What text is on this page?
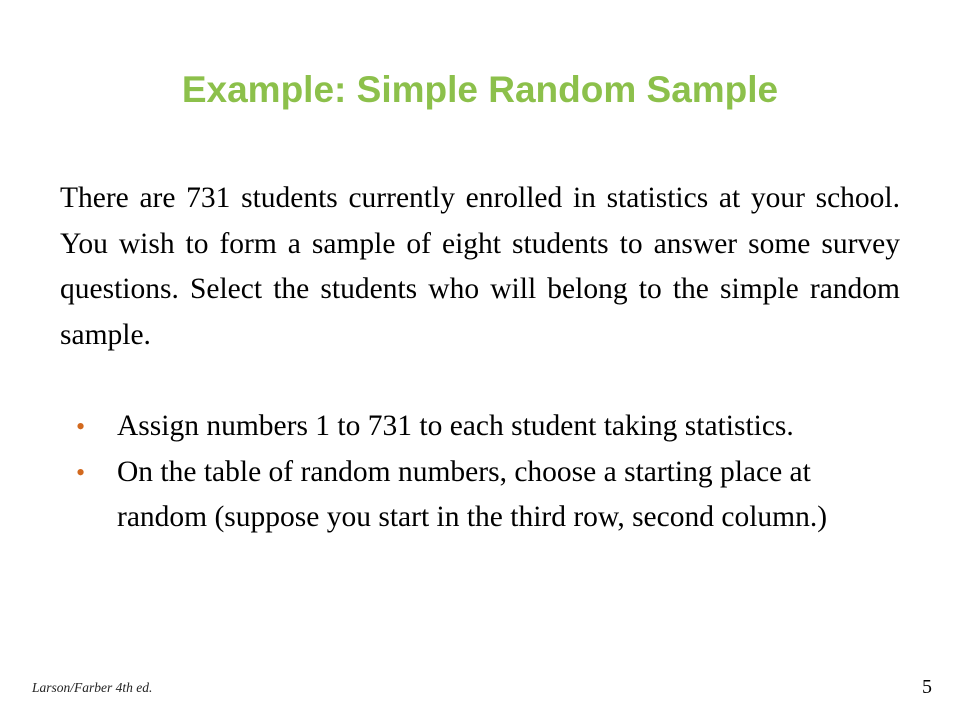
Example: Simple Random Sample
There are 731 students currently enrolled in statistics at your school. You wish to form a sample of eight students to answer some survey questions. Select the students who will belong to the simple random sample.
•	Assign numbers 1 to 731 to each student taking statistics.
•	On the table of random numbers, choose a starting place at random (suppose you start in the third row, second column.)
Larson/Farber 4th ed.	5
